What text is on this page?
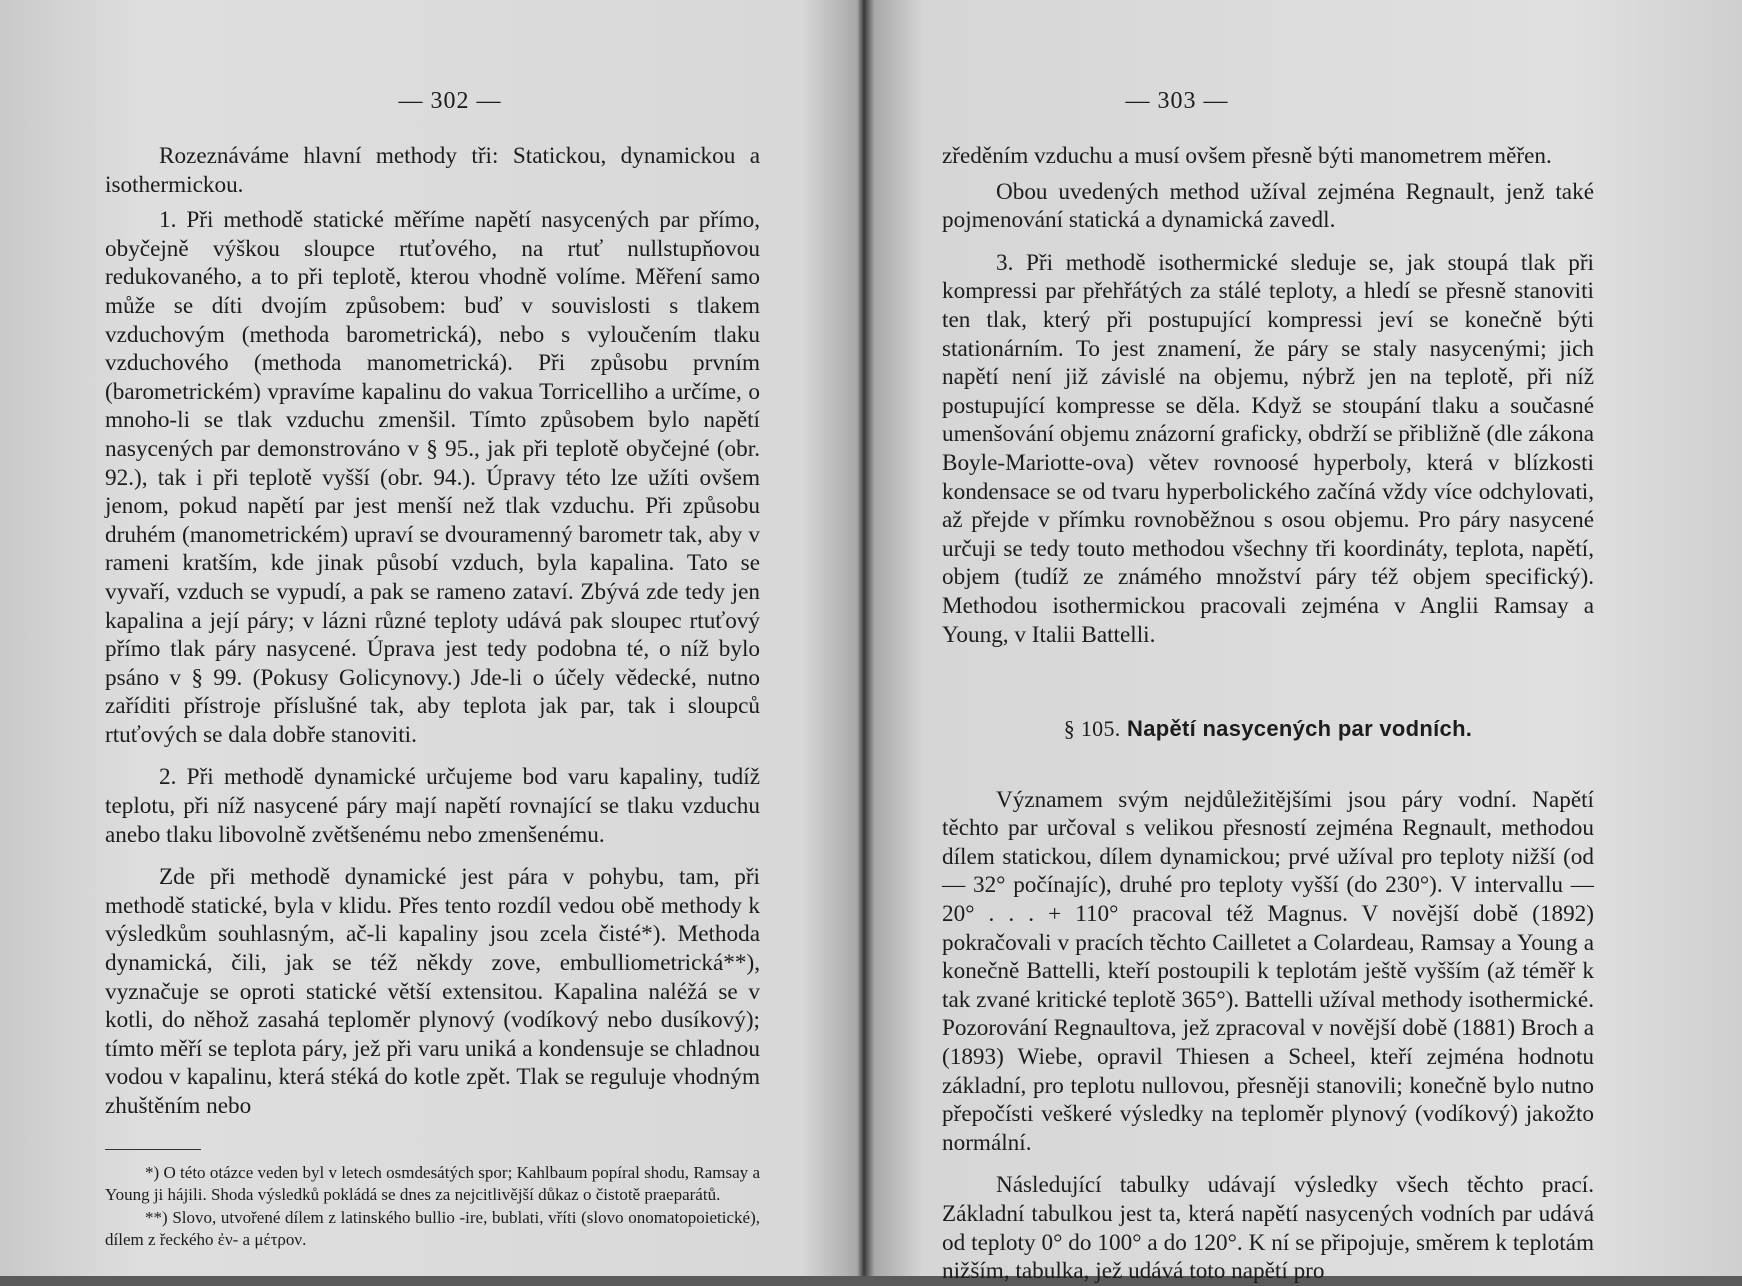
— 302 —

Rozeznáváme hlavní methody tři: Statickou, dynamickou a isothermickou.

1. Při methodě statické měříme napětí nasycených par přímo, obyčejně výškou sloupce rtuťového, na rtuť nullstupňovou redukovaného, a to při teplotě, kterou vhodně volíme. Měření samo může se díti dvojím způsobem: buď v souvislosti s tlakem vzduchovým (methoda barometrická), nebo s vyloučením tlaku vzduchového (methoda manometrická). Při způsobu prvním (barometrickém) vpravíme kapalinu do vakua Torricelliho a určíme, o mnoho-li se tlak vzduchu zmenšil. Tímto způsobem bylo napětí nasycených par demonstrováno v § 95., jak při teplotě obyčejné (obr. 92.), tak i při teplotě vyšší (obr. 94.). Úpravy této lze užíti ovšem jenom, pokud napětí par jest menší než tlak vzduchu. Při způsobu druhém (manometrickém) upraví se dvouramenný barometr tak, aby v rameni kratším, kde jinak působí vzduch, byla kapalina. Tato se vyvaří, vzduch se vypudí, a pak se rameno zataví. Zbývá zde tedy jen kapalina a její páry; v lázni různé teploty udává pak sloupec rtuťový přímo tlak páry nasycené. Úprava jest tedy podobna té, o níž bylo psáno v § 99. (Pokusy Golicynovy.) Jde-li o účely vědecké, nutno zaříditi přístroje příslušné tak, aby teplota jak par, tak i sloupců rtuťových se dala dobře stanoviti.

2. Při methodě dynamické určujeme bod varu kapaliny, tudíž teplotu, při níž nasycené páry mají napětí rovnající se tlaku vzduchu anebo tlaku libovolně zvětšenému nebo zmenšenému.

Zde při methodě dynamické jest pára v pohybu, tam, při methodě statické, byla v klidu. Přes tento rozdíl vedou obě methody k výsledkům souhlasným, ač-li kapaliny jsou zcela čisté*). Methoda dynamická, čili, jak se též někdy zove, embulliometrická**), vyznačuje se oproti statické větší extensitou. Kapalina naléžá se v kotli, do něhož zasahá teploměr plynový (vodíkový nebo dusíkový); tímto měří se teplota páry, jež při varu uniká a kondensuje se chladnou vodou v kapalinu, která stéká do kotle zpět. Tlak se reguluje vhodným zhuštěním nebo

*) O této otázce veden byl v letech osmdesátých spor; Kahlbaum popíral shodu, Ramsay a Young ji hájili. Shoda výsledků pokládá se dnes za nejcitlivější důkaz o čistotě praeparátů.

**) Slovo, utvořené dílem z latinského bullio -ire, bublati, vříti (slovo onomatopoietické), dílem z řeckého ἐν- a μέτρον.

— 303 —

zředěním vzduchu a musí ovšem přesně býti manometrem měřen.

Obou uvedených method užíval zejména Regnault, jenž také pojmenování statická a dynamická zavedl.

3. Při methodě isothermické sleduje se, jak stoupá tlak při kompressi par přehřátých za stálé teploty, a hledí se přesně stanoviti ten tlak, který při postupující kompressi jeví se konečně býti stationárním. To jest znamení, že páry se staly nasycenými; jich napětí není již závislé na objemu, nýbrž jen na teplotě, při níž postupující kompresse se děla. Když se stoupání tlaku a současné umenšování objemu znázorní graficky, obdrží se přibližně (dle zákona Boyle-Mariotte-ova) větev rovnoosé hyperboly, která v blízkosti kondensace se od tvaru hyperbolického začíná vždy více odchylovati, až přejde v přímku rovnoběžnou s osou objemu. Pro páry nasycené určuji se tedy touto methodou všechny tři koordináty, teplota, napětí, objem (tudíž ze známého množství páry též objem specifický). Methodou isothermickou pracovali zejména v Anglii Ramsay a Young, v Italii Battelli.

§ 105. Napětí nasycených par vodních.

Významem svým nejdůležitějšími jsou páry vodní. Napětí těchto par určoval s velikou přesností zejména Regnault, methodou dílem statickou, dílem dynamickou; prvé užíval pro teploty nižší (od — 32° počínajíc), druhé pro teploty vyšší (do 230°). V intervallu — 20° . . . + 110° pracoval též Magnus. V novější době (1892) pokračovali v pracích těchto Cailletet a Colardeau, Ramsay a Young a konečně Battelli, kteří postoupili k teplotám ještě vyšším (až téměř k tak zvané kritické teplotě 365°). Battelli užíval methody isothermické. Pozorování Regnaultova, jež zpracoval v novější době (1881) Broch a (1893) Wiebe, opravil Thiesen a Scheel, kteří zejména hodnotu základní, pro teplotu nullovou, přesněji stanovili; konečně bylo nutno přepočísti veškeré výsledky na teploměr plynový (vodíkový) jakožto normální.

Následující tabulky udávají výsledky všech těchto prací. Základní tabulkou jest ta, která napětí nasycených vodních par udává od teploty 0° do 100° a do 120°. K ní se připojuje, směrem k teplotám nižším, tabulka, jež udává toto napětí pro
